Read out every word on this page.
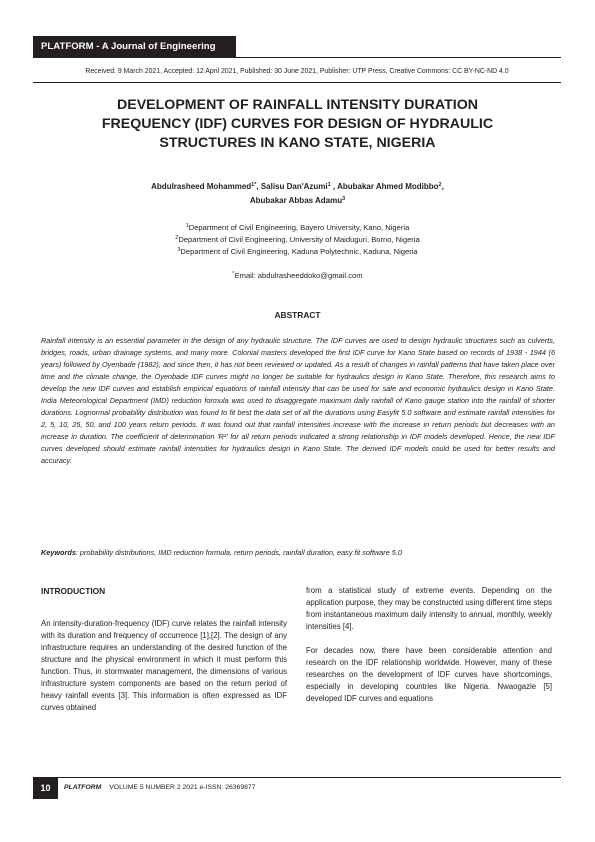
PLATFORM - A Journal of Engineering
Received: 9 March 2021, Accepted: 12 April 2021, Published: 30 June 2021, Publisher: UTP Press, Creative Commons: CC BY-NC-ND 4.0
DEVELOPMENT OF RAINFALL INTENSITY DURATION
FREQUENCY (IDF) CURVES FOR DESIGN OF HYDRAULIC
STRUCTURES IN KANO STATE, NIGERIA
Abdulrasheed Mohammed$^{1*}$, Salisu Dan'Azumi$^1$ , Abubakar Ahmed Modibbo$^2$,
Abubakar Abbas Adamu$^3$
$^1$Department of Civil Engineering, Bayero University, Kano, Nigeria
$^2$Department of Civil Engineering, University of Maiduguri, Borno, Nigeria
$^3$Department of Civil Engineering, Kaduna Polytechnic, Kaduna, Nigeria
*Email: abdulrasheeddoko@gmail.com
ABSTRACT

Rainfall intensity is an essential parameter in the design of any hydraulic structure. The IDF curves are used to design hydraulic structures such as culverts, bridges, roads, urban drainage systems, and many more. Colonial masters developed the first IDF curve for Kano State based on records of 1938 - 1944 (6 years) followed by Oyenbade (1982), and since then, it has not been reviewed or updated. As a result of changes in rainfall patterns that have taken place over time and the climate change, the Oyenbade IDF curves might no longer be suitable for hydraulics design in Kano State. Therefore, this research aims to develop the new IDF curves and establish empirical equations of rainfall intensity that can be used for safe and economic hydraulics design in Kano State. India Meteorological Department (IMD) reduction formula was used to disaggregate maximum daily rainfall of Kano gauge station into the rainfall of shorter durations. Lognormal probability distribution was found to fit best the data set of all the durations using Easyfit 5.0 software and estimate rainfall intensities for 2, 5, 10, 25, 50, and 100 years return periods. It was found out that rainfall intensities increase with the increase in return periods but decreases with an increase in duration. The coefficient of determination 'R²' for all return periods indicated a strong relationship in IDF models developed. Hence, the new IDF curves developed should estimate rainfall intensities for hydraulics design in Kano State. The derived IDF models could be used for better results and accuracy.

Keywords: probability distributions, IMD reduction formula, return periods, rainfall duration, easy fit software 5.0

INTRODUCTION

An intensity-duration-frequency (IDF) curve relates the rainfall intensity with its duration and frequency of occurrence [1],[2]. The design of any infrastructure requires an understanding of the desired function of the structure and the physical environment in which it must perform this function. Thus, in stormwater management, the dimensions of various infrastructure system components are based on the return period of heavy rainfall events [3]. This information is often expressed as IDF curves obtained

from a statistical study of extreme events. Depending on the application purpose, they may be constructed using different time steps from instantaneous maximum daily intensity to annual, monthly, weekly intensities [4].

For decades now, there have been considerable attention and research on the IDF relationship worldwide. However, many of these researches on the development of IDF curves have shortcomings, especially in developing countries like Nigeria. Nwaogazie [5] developed IDF curves and equations

10	PLATFORM VOLUME 5 NUMBER 2 2021 e-ISSN: 26369877
